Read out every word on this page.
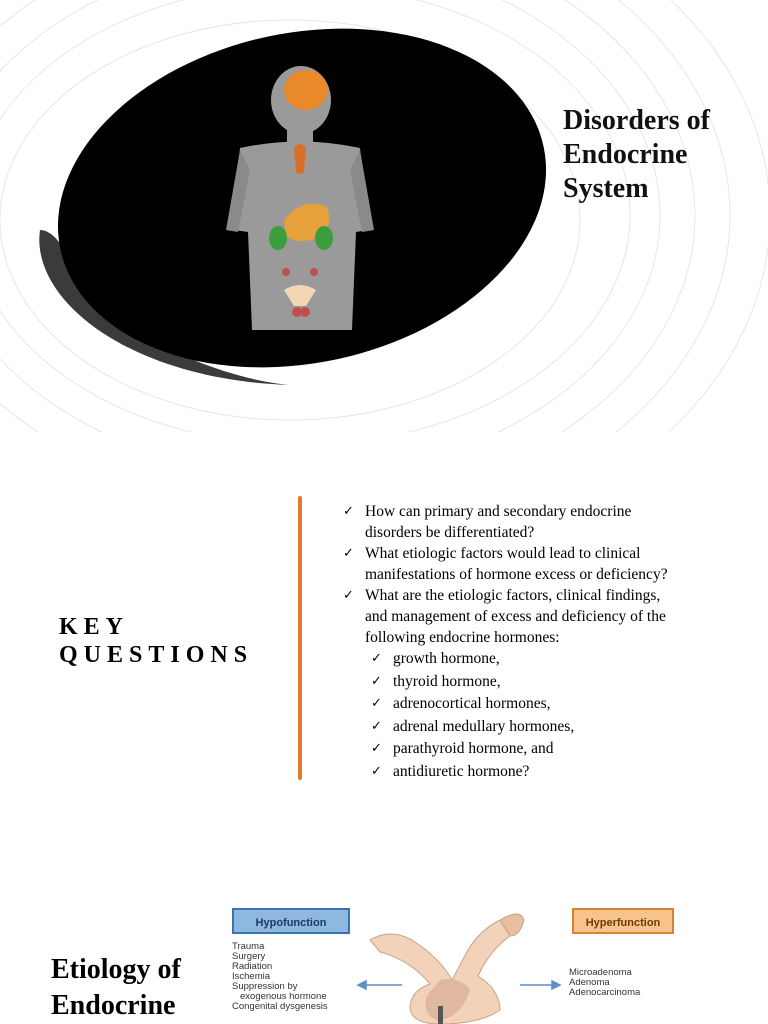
Disorders of
Endocrine
System
KEY
QUESTIONS
✓ How can primary and secondary endocrine
disorders be differentiated?
✓ What etiologic factors would lead to clinical
manifestations of hormone excess or deficiency?
✓ What are the etiologic factors, clinical findings,
and management of excess and deficiency of the
following endocrine hormones:
✓ growth hormone,
✓ thyroid hormone,
✓ adrenocortical hormones,
✓ adrenal medullary hormones,
✓ parathyroid hormone, and
✓ antidiuretic hormone?
Etiology of
Endocrine
Hypofunction	Hyperfunction
Trauma
Surgery
Radiation
Ischemia
Suppression by
exogenous hormone
Congenital dysgenesis
Microadenoma
Adenoma
Adenocarcinoma
